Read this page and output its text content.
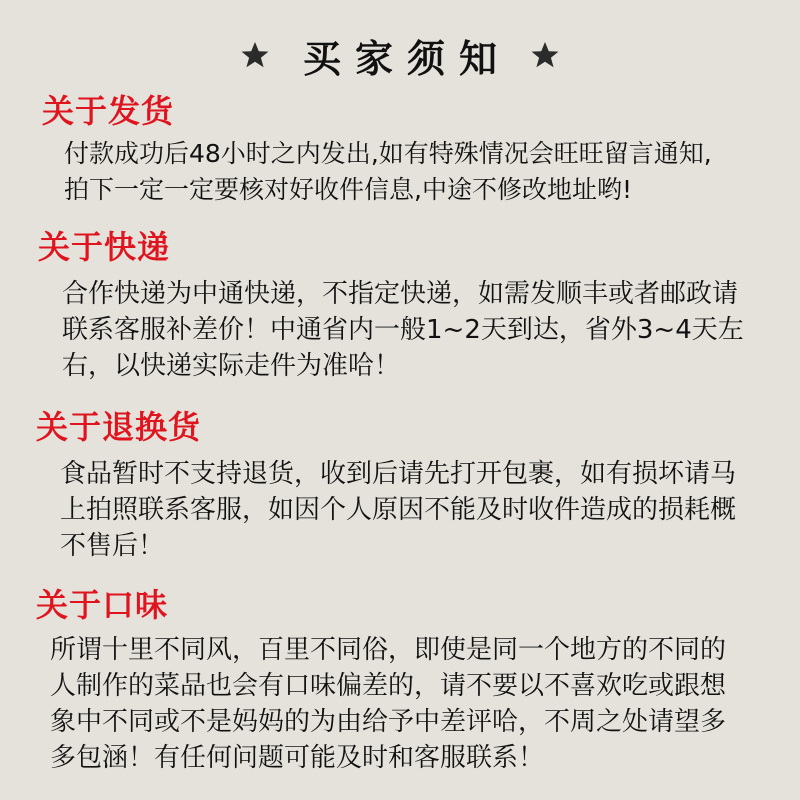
买家须知
关于发货
付款成功后48小时之内发出,如有特殊情况会旺旺留言通知,
拍下一定一定要核对好收件信息,中途不修改地址哟!
关于快递
合作快递为中通快递，不指定快递，如需发顺丰或者邮政请
联系客服补差价！中通省内一般1~2天到达，省外3~4天左
右，以快递实际走件为准哈！
关于退换货
食品暂时不支持退货，收到后请先打开包裹，如有损坏请马
上拍照联系客服，如因个人原因不能及时收件造成的损耗概
不售后！
关于口味
所谓十里不同风，百里不同俗，即使是同一个地方的不同的
人制作的菜品也会有口味偏差的，请不要以不喜欢吃或跟想
象中不同或不是妈妈的为由给予中差评哈，不周之处请望多
多包涵！有任何问题可能及时和客服联系！
